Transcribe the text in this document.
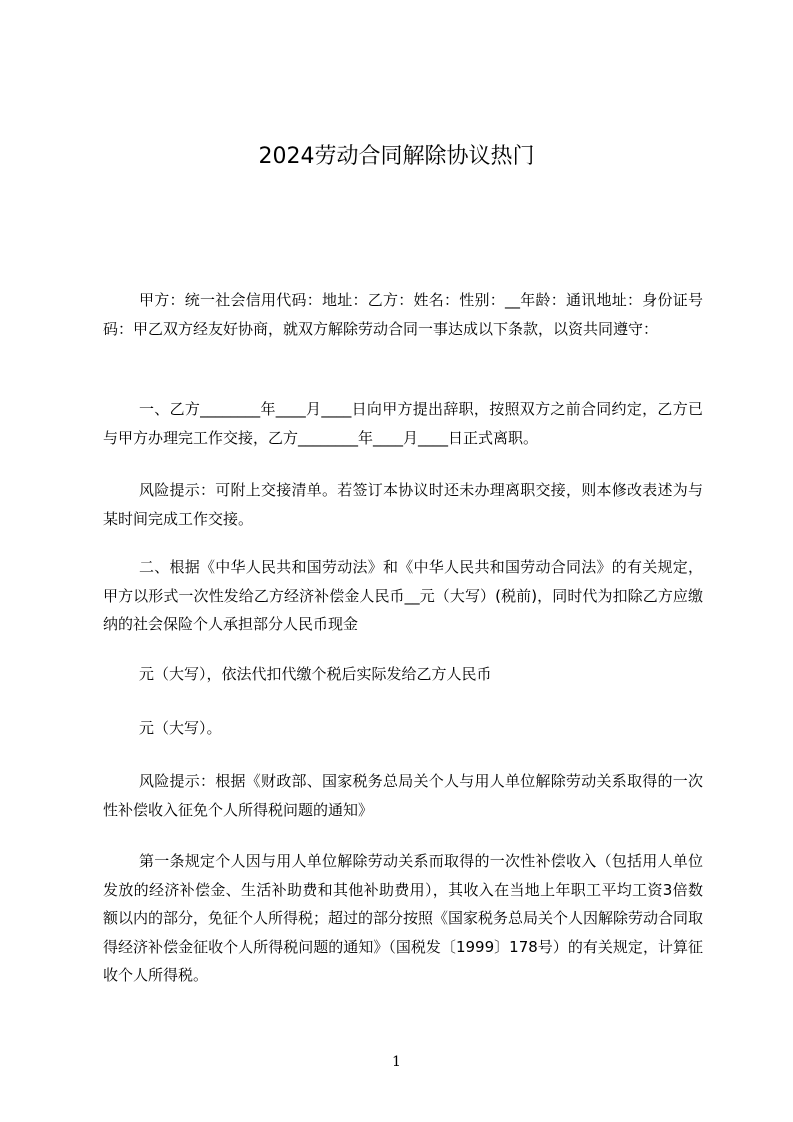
2024劳动合同解除协议热门

甲方：统一社会信用代码：地址：乙方：姓名：性别：__年龄：通讯地址：身份证号码：甲乙双方经友好协商，就双方解除劳动合同一事达成以下条款，以资共同遵守：

一、乙方________年____月____日向甲方提出辞职，按照双方之前合同约定，乙方已与甲方办理完工作交接，乙方________年____月____日正式离职。

风险提示：可附上交接清单。若签订本协议时还未办理离职交接，则本修改表述为与某时间完成工作交接。

二、根据《中华人民共和国劳动法》和《中华人民共和国劳动合同法》的有关规定，甲方以形式一次性发给乙方经济补偿金人民币__元（大写）(税前)，同时代为扣除乙方应缴纳的社会保险个人承担部分人民币现金

元（大写），依法代扣代缴个税后实际发给乙方人民币

元（大写）。

风险提示：根据《财政部、国家税务总局关个人与用人单位解除劳动关系取得的一次性补偿收入征免个人所得税问题的通知》

第一条规定个人因与用人单位解除劳动关系而取得的一次性补偿收入（包括用人单位发放的经济补偿金、生活补助费和其他补助费用），其收入在当地上年职工平均工资3倍数额以内的部分，免征个人所得税；超过的部分按照《国家税务总局关个人因解除劳动合同取得经济补偿金征收个人所得税问题的通知》（国税发〔1999〕178号）的有关规定，计算征收个人所得税。

1
